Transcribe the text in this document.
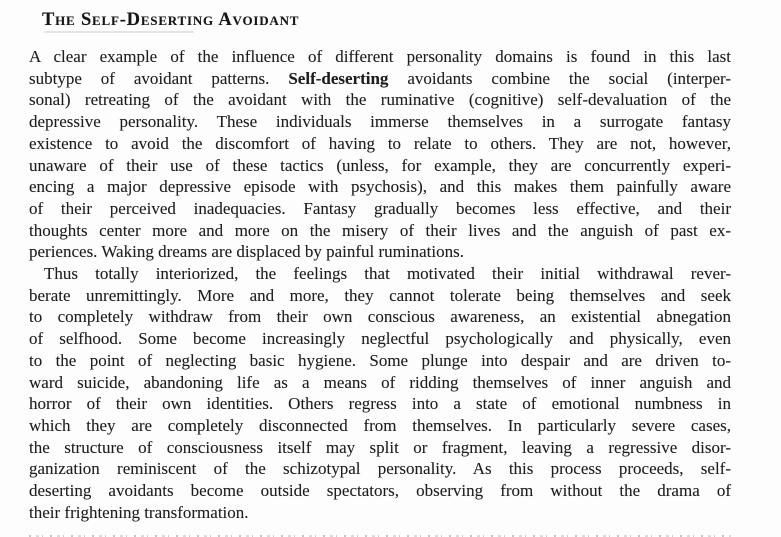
The Self-Deserting Avoidant
A clear example of the influence of different personality domains is found in this last
subtype of avoidant patterns. Self-deserting avoidants combine the social (interper-
sonal) retreating of the avoidant with the ruminative (cognitive) self-devaluation of the
depressive personality. These individuals immerse themselves in a surrogate fantasy
existence to avoid the discomfort of having to relate to others. They are not, however,
unaware of their use of these tactics (unless, for example, they are concurrently experi-
encing a major depressive episode with psychosis), and this makes them painfully aware
of their perceived inadequacies. Fantasy gradually becomes less effective, and their
thoughts center more and more on the misery of their lives and the anguish of past ex-
periences. Waking dreams are displaced by painful ruminations.
Thus totally interiorized, the feelings that motivated their initial withdrawal rever-
berate unremittingly. More and more, they cannot tolerate being themselves and seek
to completely withdraw from their own conscious awareness, an existential abnegation
of selfhood. Some become increasingly neglectful psychologically and physically, even
to the point of neglecting basic hygiene. Some plunge into despair and are driven to-
ward suicide, abandoning life as a means of ridding themselves of inner anguish and
horror of their own identities. Others regress into a state of emotional numbness in
which they are completely disconnected from themselves. In particularly severe cases,
the structure of consciousness itself may split or fragment, leaving a regressive disor-
ganization reminiscent of the schizotypal personality. As this process proceeds, self-
deserting avoidants become outside spectators, observing from without the drama of
their frightening transformation.
